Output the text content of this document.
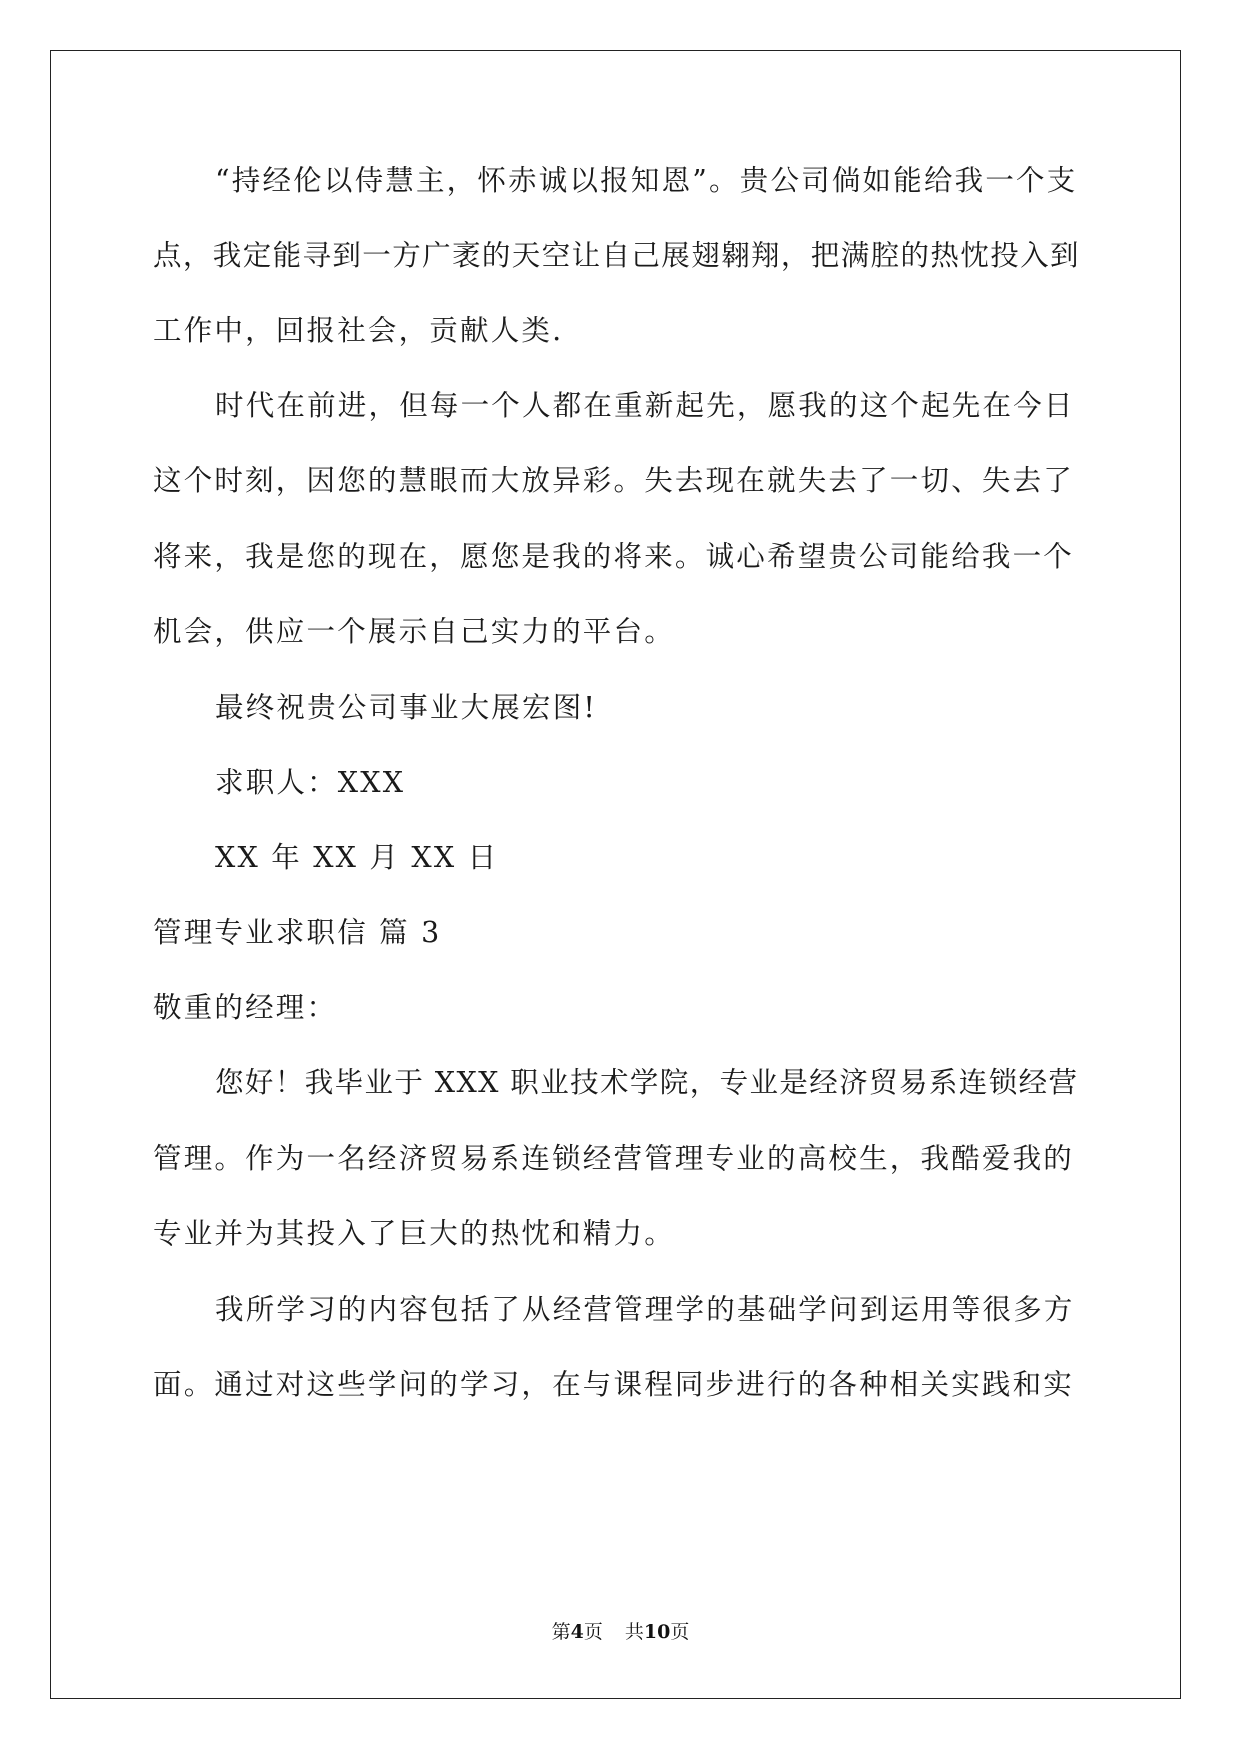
“持经伦以侍慧主，怀赤诚以报知恩”。贵公司倘如能给我一个支
点，我定能寻到一方广袤的天空让自己展翅翱翔，把满腔的热忱投入到
工作中，回报社会，贡献人类.
时代在前进，但每一个人都在重新起先，愿我的这个起先在今日
这个时刻，因您的慧眼而大放异彩。失去现在就失去了一切、失去了
将来，我是您的现在，愿您是我的将来。诚心希望贵公司能给我一个
机会，供应一个展示自己实力的平台。
最终祝贵公司事业大展宏图!
求职人：XXX
XX 年 XX 月 XX 日
管理专业求职信 篇 3
敬重的经理：
您好！我毕业于 XXX 职业技术学院，专业是经济贸易系连锁经营
管理。作为一名经济贸易系连锁经营管理专业的高校生，我酷爱我的
专业并为其投入了巨大的热忱和精力。
我所学习的内容包括了从经营管理学的基础学问到运用等很多方
面。通过对这些学问的学习，在与课程同步进行的各种相关实践和实
第4页 共10页
